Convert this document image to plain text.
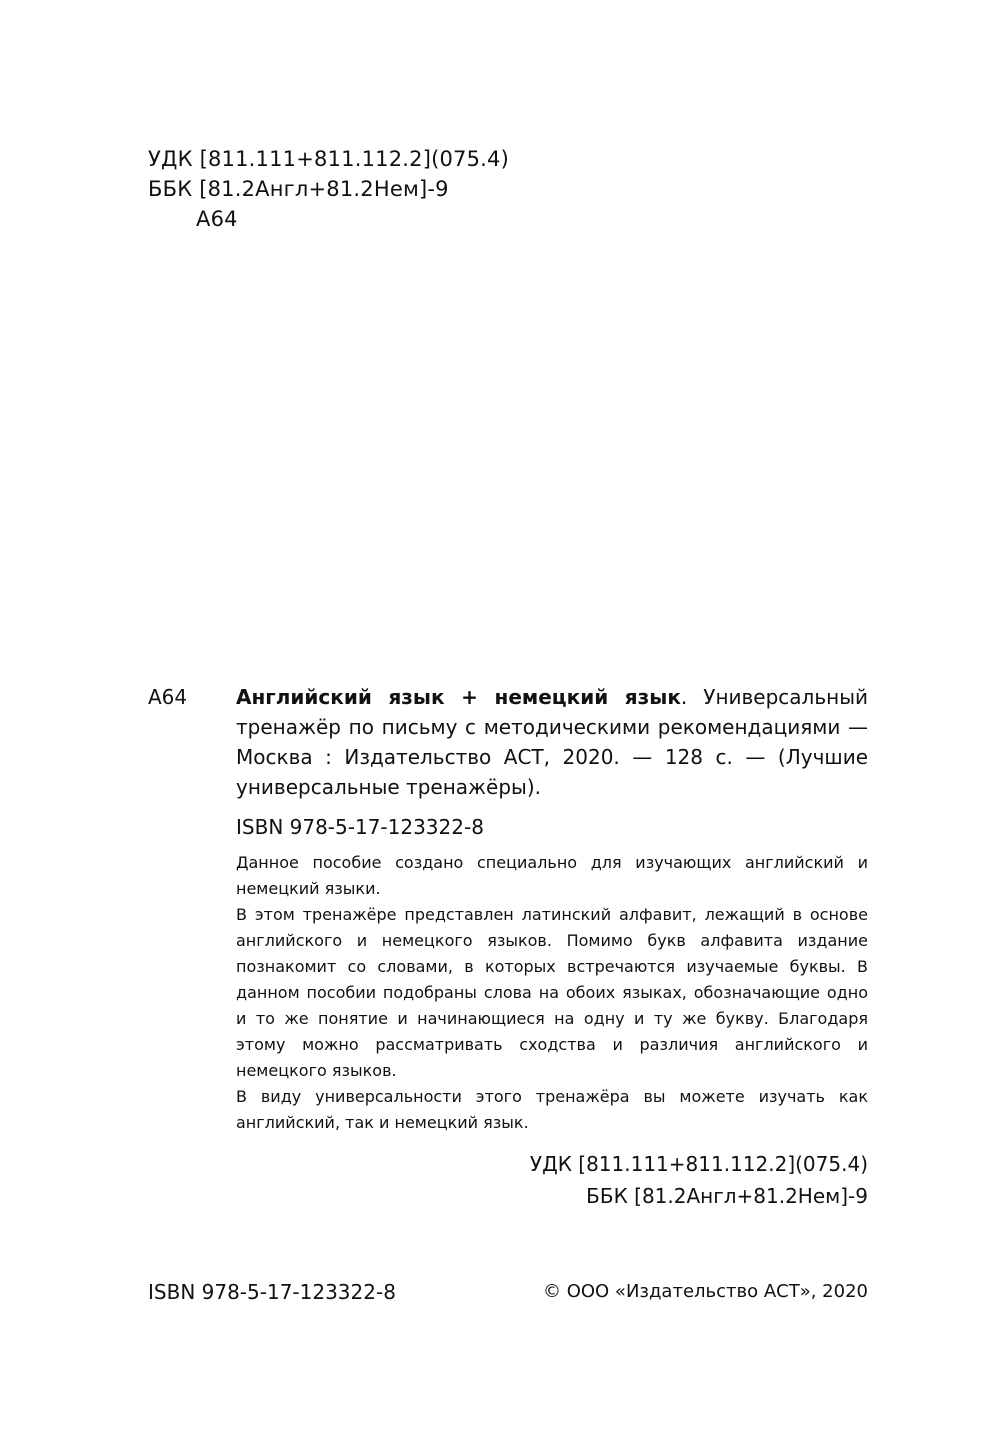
УДК [811.111+811.112.2](075.4)
ББК [81.2Англ+81.2Нем]-9
А64
А64 Английский язык + немецкий язык. Универсальный тренажёр по письму с методическими рекомендациями — Москва : Издательство АСТ, 2020. — 128 с. — (Лучшие универсальные тренажёры).
ISBN 978-5-17-123322-8

Данное пособие создано специально для изучающих английский и немецкий языки.

В этом тренажёре представлен латинский алфавит, лежащий в основе английского и немецкого языков. Помимо букв алфавита издание познакомит со словами, в которых встречаются изучаемые буквы. В данном пособии подобраны слова на обоих языках, обозначающие одно и то же понятие и начинающиеся на одну и ту же букву. Благодаря этому можно рассматривать сходства и различия английского и немецкого языков.

В виду универсальности этого тренажёра вы можете изучать как английский, так и немецкий язык.

УДК [811.111+811.112.2](075.4)
ББК [81.2Англ+81.2Нем]-9
ISBN 978-5-17-123322-8	© ООО «Издательство АСТ», 2020
